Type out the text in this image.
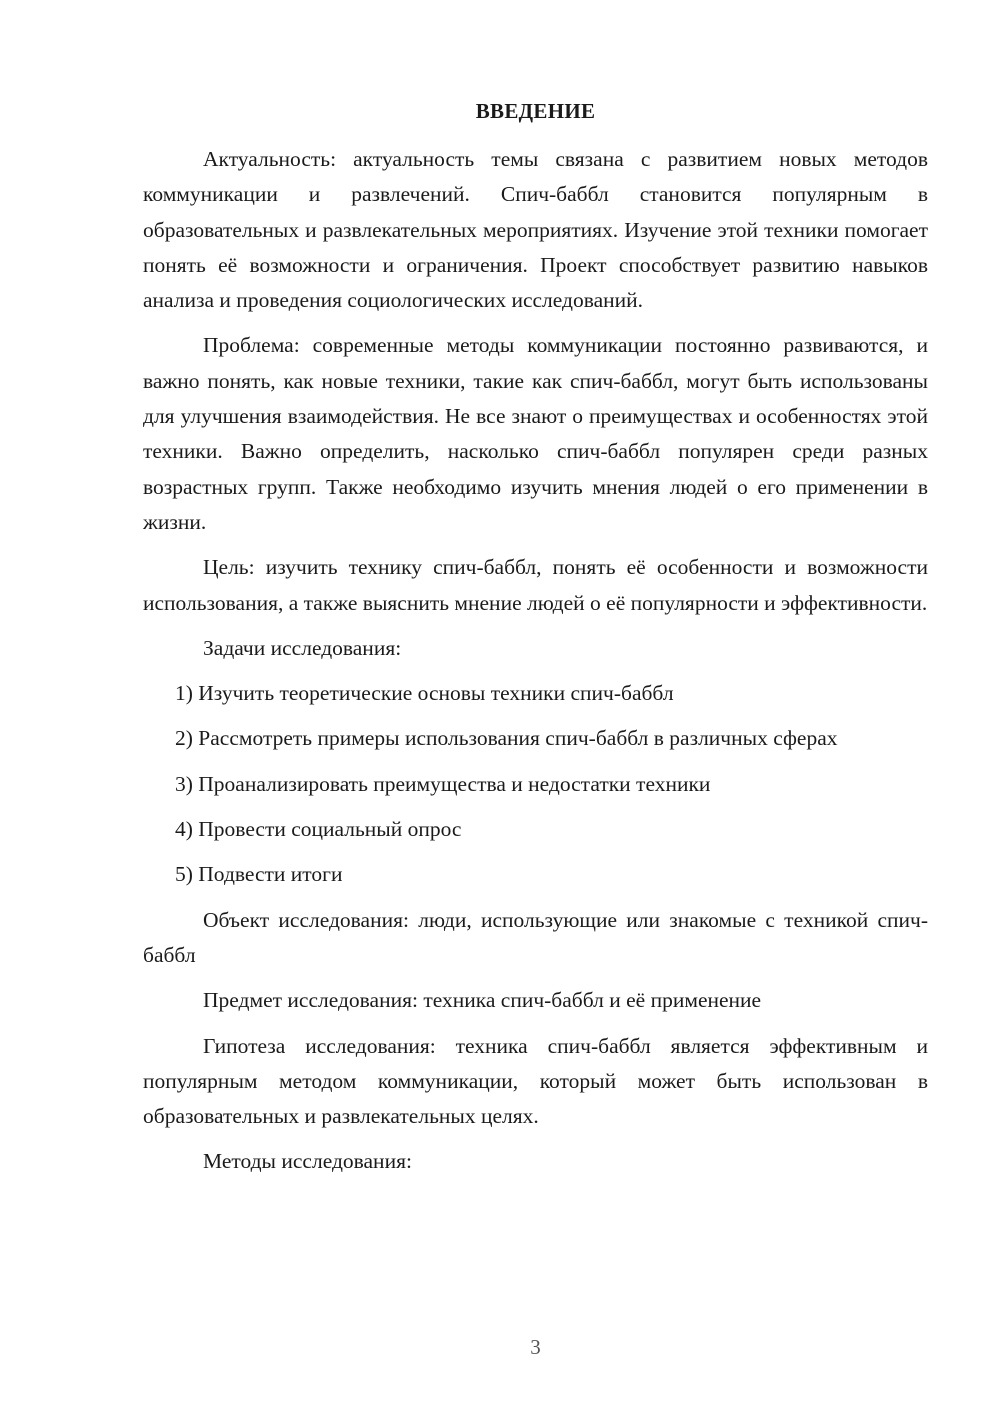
ВВЕДЕНИЕ

Актуальность: актуальность темы связана с развитием новых методов коммуникации и развлечений. Спич-баббл становится популярным в образовательных и развлекательных мероприятиях. Изучение этой техники помогает понять её возможности и ограничения. Проект способствует развитию навыков анализа и проведения социологических исследований.

Проблема: современные методы коммуникации постоянно развиваются, и важно понять, как новые техники, такие как спич-баббл, могут быть использованы для улучшения взаимодействия. Не все знают о преимуществах и особенностях этой техники. Важно определить, насколько спич-баббл популярен среди разных возрастных групп. Также необходимо изучить мнения людей о его применении в жизни.

Цель: изучить технику спич-баббл, понять её особенности и возможности использования, а также выяснить мнение людей о её популярности и эффективности.

Задачи исследования:

1) Изучить теоретические основы техники спич-баббл

2) Рассмотреть примеры использования спич-баббл в различных сферах

3) Проанализировать преимущества и недостатки техники

4) Провести социальный опрос

5) Подвести итоги

Объект исследования: люди, использующие или знакомые с техникой спич-баббл

Предмет исследования: техника спич-баббл и её применение

Гипотеза исследования: техника спич-баббл является эффективным и популярным методом коммуникации, который может быть использован в образовательных и развлекательных целях.

Методы исследования:

3
